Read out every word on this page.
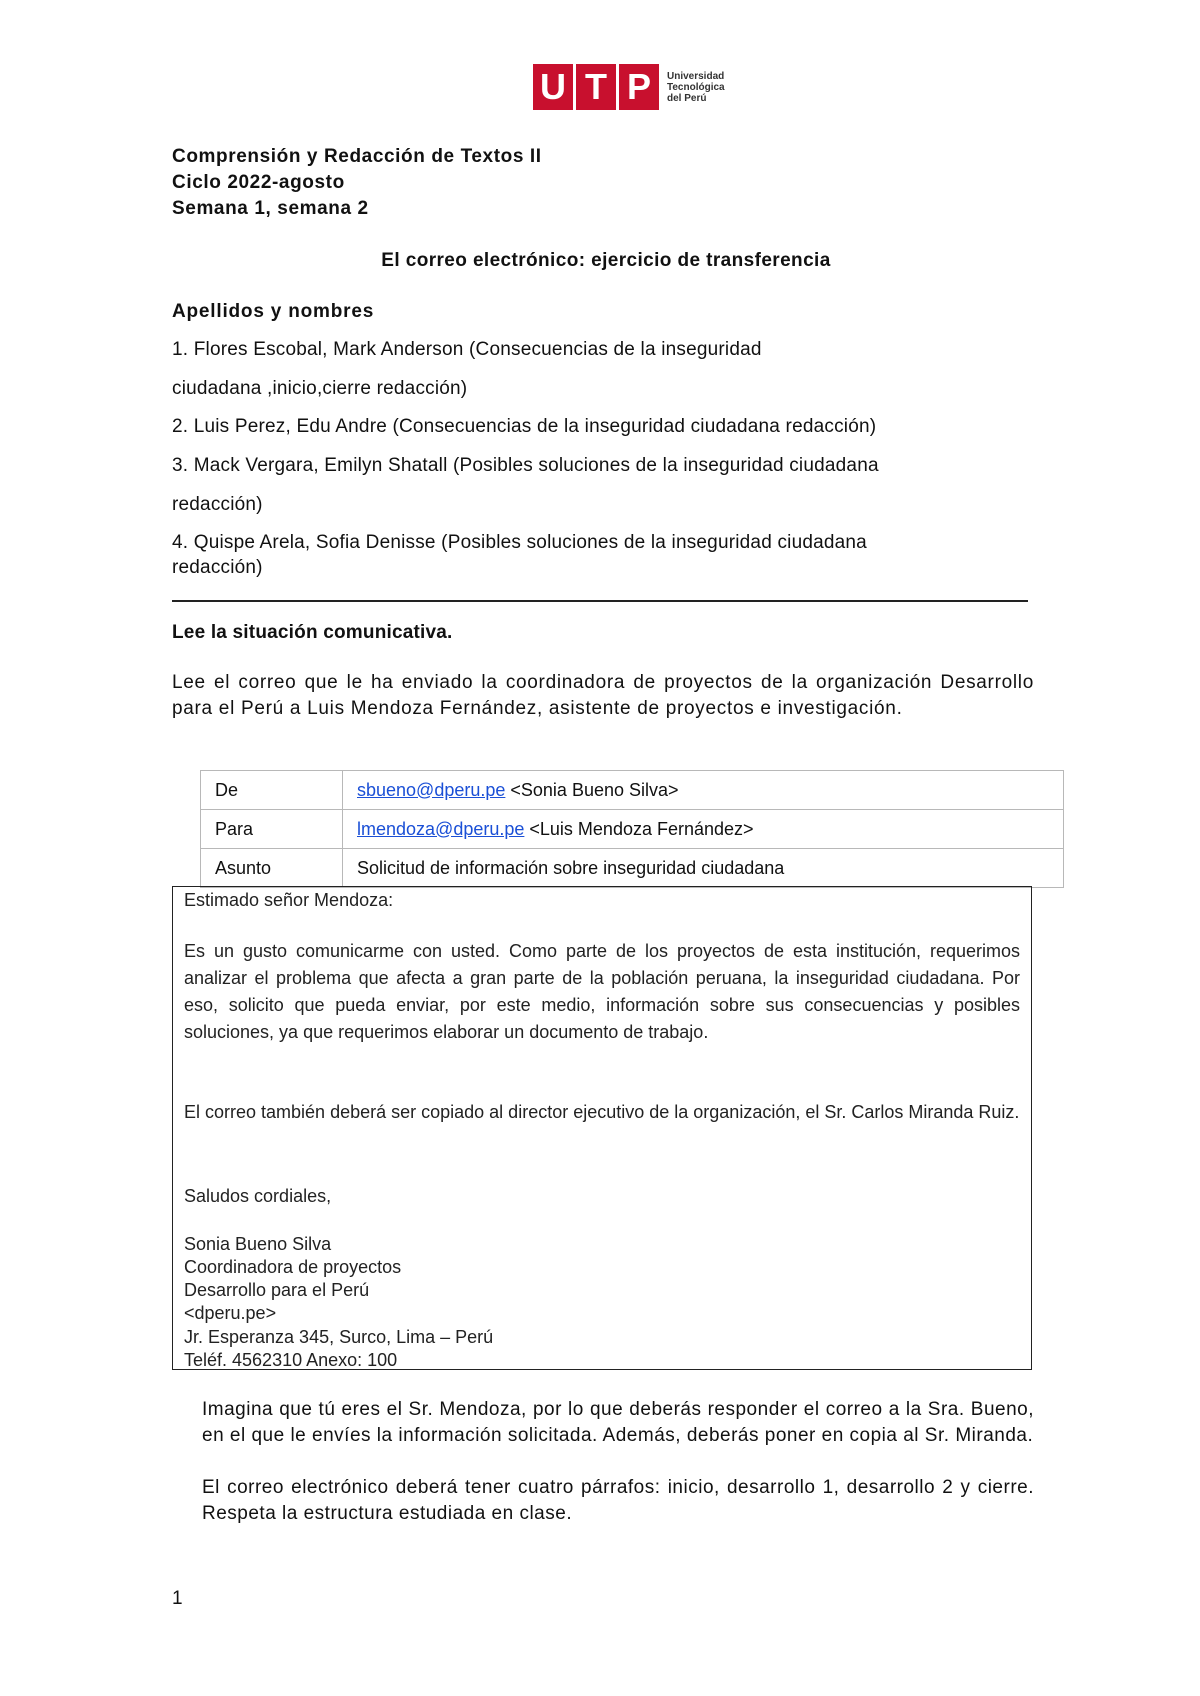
U T P	Universidad
Tecnológica
del Perú
Comprensión y Redacción de Textos II
Ciclo 2022-agosto
Semana 1, semana 2
El correo electrónico: ejercicio de transferencia
Apellidos y nombres
1. Flores Escobal, Mark Anderson (Consecuencias de la inseguridad
ciudadana ,inicio,cierre redacción)
2. Luis Perez, Edu Andre (Consecuencias de la inseguridad ciudadana redacción)
3. Mack Vergara, Emilyn Shatall (Posibles soluciones de la inseguridad ciudadana
redacción)
4. Quispe Arela, Sofia Denisse (Posibles soluciones de la inseguridad ciudadana
redacción)
Lee la situación comunicativa.
Lee el correo que le ha enviado la coordinadora de proyectos de la organización Desarrollo para el Perú a Luis Mendoza Fernández, asistente de proyectos e investigación.
De	sbueno@dperu.pe <Sonia Bueno Silva>
Para	lmendoza@dperu.pe <Luis Mendoza Fernández>
Asunto	Solicitud de información sobre inseguridad ciudadana
Estimado señor Mendoza:
Es un gusto comunicarme con usted. Como parte de los proyectos de esta institución, requerimos analizar el problema que afecta a gran parte de la población peruana, la inseguridad ciudadana. Por eso, solicito que pueda enviar, por este medio, información sobre sus consecuencias y posibles soluciones, ya que requerimos elaborar un documento de trabajo.
El correo también deberá ser copiado al director ejecutivo de la organización, el Sr. Carlos Miranda Ruiz.
Saludos cordiales,
Sonia Bueno Silva
Coordinadora de proyectos
Desarrollo para el Perú
<dperu.pe>
Jr. Esperanza 345, Surco, Lima – Perú
Teléf. 4562310 Anexo: 100
Imagina que tú eres el Sr. Mendoza, por lo que deberás responder el correo a la Sra. Bueno, en el que le envíes la información solicitada. Además, deberás poner en copia al Sr. Miranda.
El correo electrónico deberá tener cuatro párrafos: inicio, desarrollo 1, desarrollo 2 y cierre. Respeta la estructura estudiada en clase.
1
